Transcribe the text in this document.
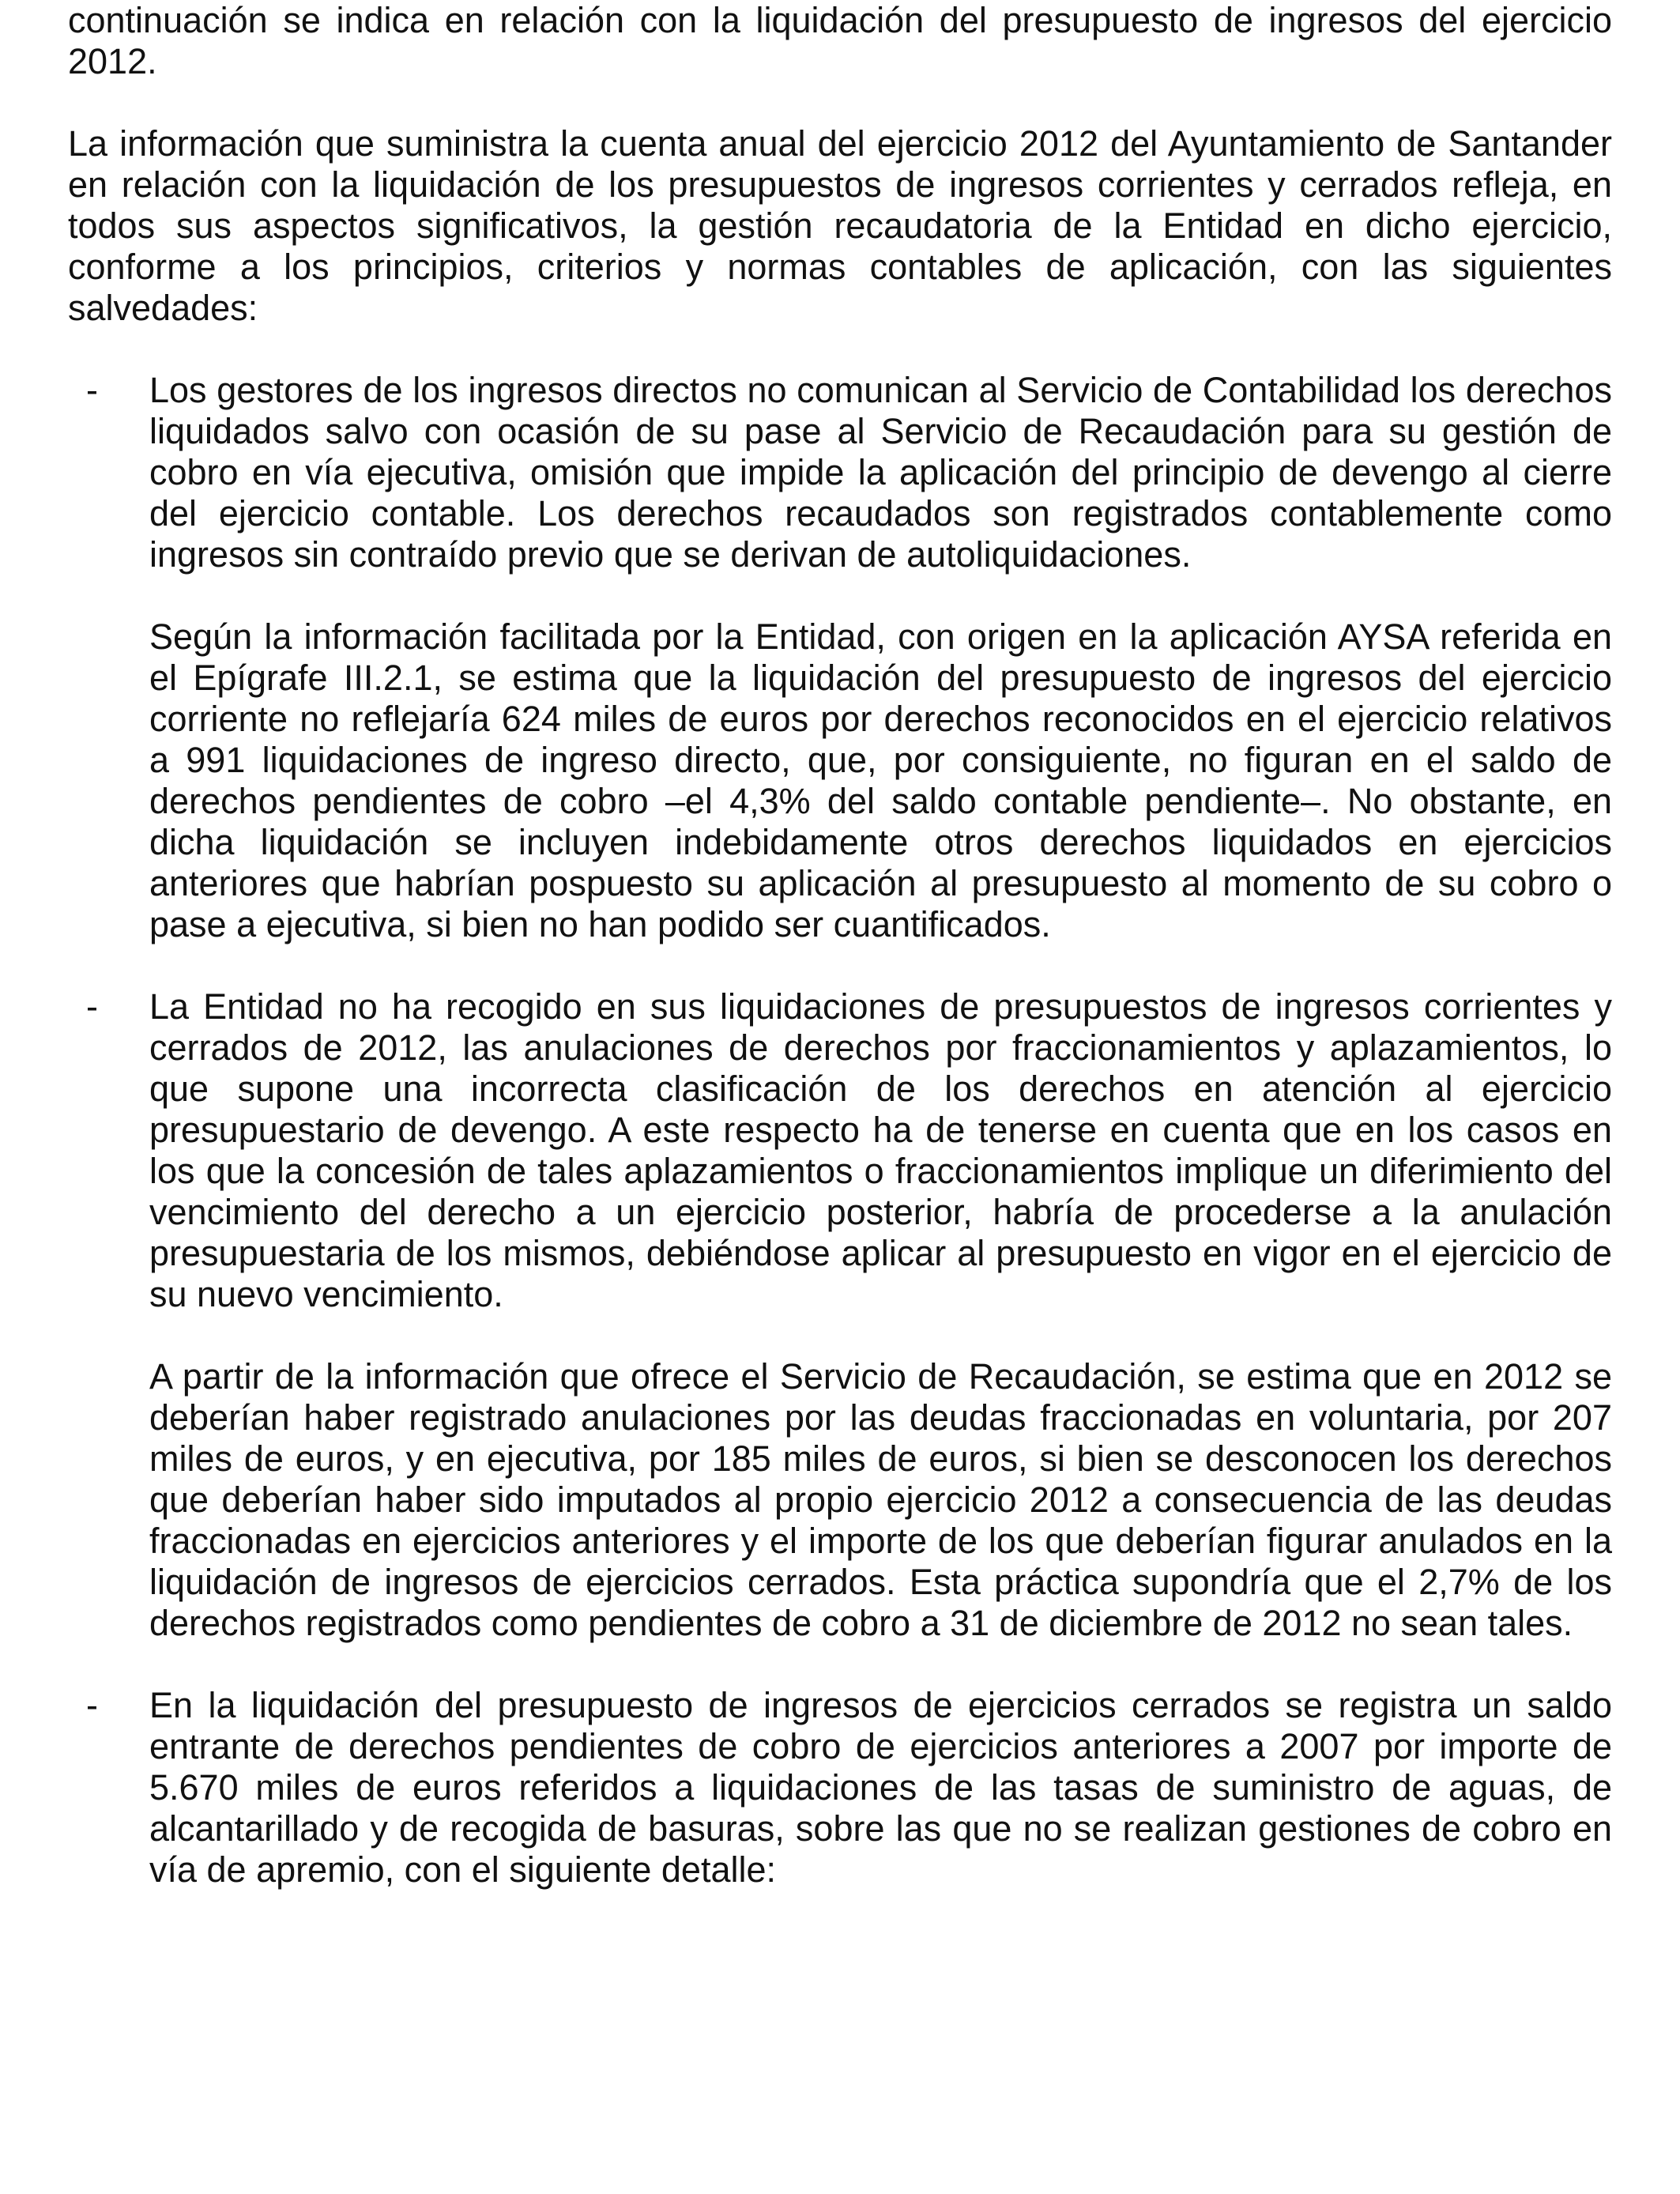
continuación se indica en relación con la liquidación del presupuesto de ingresos del ejercicio 2012.

La información que suministra la cuenta anual del ejercicio 2012 del Ayuntamiento de Santander en relación con la liquidación de los presupuestos de ingresos corrientes y cerrados refleja, en todos sus aspectos significativos, la gestión recaudatoria de la Entidad en dicho ejercicio, conforme a los principios, criterios y normas contables de aplicación, con las siguientes salvedades:

- Los gestores de los ingresos directos no comunican al Servicio de Contabilidad los derechos liquidados salvo con ocasión de su pase al Servicio de Recaudación para su gestión de cobro en vía ejecutiva, omisión que impide la aplicación del principio de devengo al cierre del ejercicio contable. Los derechos recaudados son registrados contablemente como ingresos sin contraído previo que se derivan de autoliquidaciones.

Según la información facilitada por la Entidad, con origen en la aplicación AYSA referida en el Epígrafe III.2.1, se estima que la liquidación del presupuesto de ingresos del ejercicio corriente no reflejaría 624 miles de euros por derechos reconocidos en el ejercicio relativos a 991 liquidaciones de ingreso directo, que, por consiguiente, no figuran en el saldo de derechos pendientes de cobro –el 4,3% del saldo contable pendiente–. No obstante, en dicha liquidación se incluyen indebidamente otros derechos liquidados en ejercicios anteriores que habrían pospuesto su aplicación al presupuesto al momento de su cobro o pase a ejecutiva, si bien no han podido ser cuantificados.

- La Entidad no ha recogido en sus liquidaciones de presupuestos de ingresos corrientes y cerrados de 2012, las anulaciones de derechos por fraccionamientos y aplazamientos, lo que supone una incorrecta clasificación de los derechos en atención al ejercicio presupuestario de devengo. A este respecto ha de tenerse en cuenta que en los casos en los que la concesión de tales aplazamientos o fraccionamientos implique un diferimiento del vencimiento del derecho a un ejercicio posterior, habría de procederse a la anulación presupuestaria de los mismos, debiéndose aplicar al presupuesto en vigor en el ejercicio de su nuevo vencimiento.

A partir de la información que ofrece el Servicio de Recaudación, se estima que en 2012 se deberían haber registrado anulaciones por las deudas fraccionadas en voluntaria, por 207 miles de euros, y en ejecutiva, por 185 miles de euros, si bien se desconocen los derechos que deberían haber sido imputados al propio ejercicio 2012 a consecuencia de las deudas fraccionadas en ejercicios anteriores y el importe de los que deberían figurar anulados en la liquidación de ingresos de ejercicios cerrados. Esta práctica supondría que el 2,7% de los derechos registrados como pendientes de cobro a 31 de diciembre de 2012 no sean tales.

- En la liquidación del presupuesto de ingresos de ejercicios cerrados se registra un saldo entrante de derechos pendientes de cobro de ejercicios anteriores a 2007 por importe de 5.670 miles de euros referidos a liquidaciones de las tasas de suministro de aguas, de alcantarillado y de recogida de basuras, sobre las que no se realizan gestiones de cobro en vía de apremio, con el siguiente detalle:
